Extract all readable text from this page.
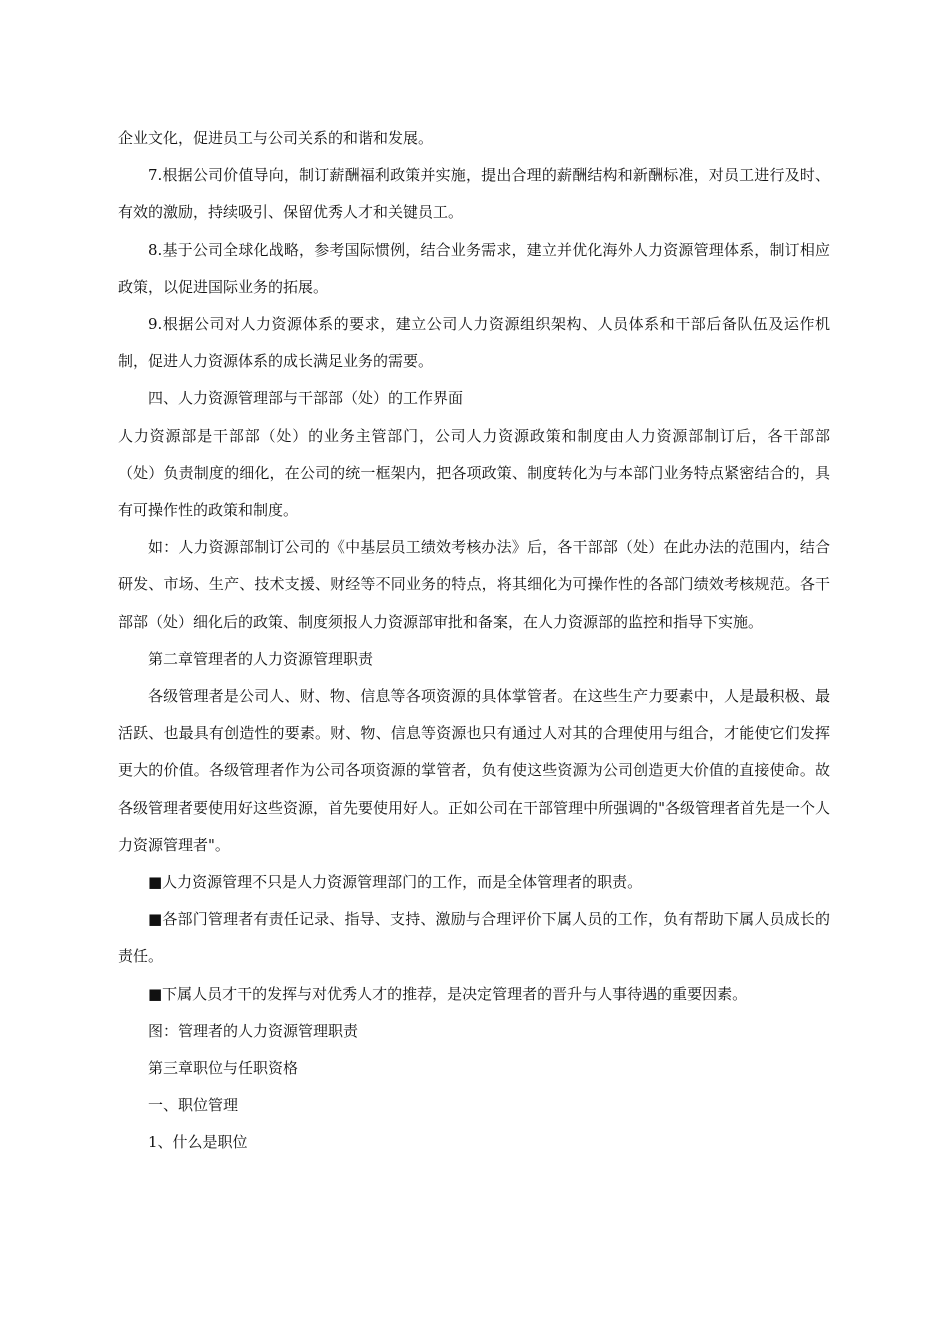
企业文化，促进员工与公司关系的和谐和发展。

7.根据公司价值导向，制订薪酬福利政策并实施，提出合理的薪酬结构和新酬标准，对员工进行及时、有效的激励，持续吸引、保留优秀人才和关键员工。

8.基于公司全球化战略，参考国际惯例，结合业务需求，建立并优化海外人力资源管理体系，制订相应政策，以促进国际业务的拓展。

9.根据公司对人力资源体系的要求，建立公司人力资源组织架构、人员体系和干部后备队伍及运作机制，促进人力资源体系的成长满足业务的需要。

四、人力资源管理部与干部部（处）的工作界面

人力资源部是干部部（处）的业务主管部门，公司人力资源政策和制度由人力资源部制订后，各干部部（处）负责制度的细化，在公司的统一框架内，把各项政策、制度转化为与本部门业务特点紧密结合的，具有可操作性的政策和制度。

如：人力资源部制订公司的《中基层员工绩效考核办法》后，各干部部（处）在此办法的范围内，结合研发、市场、生产、技术支援、财经等不同业务的特点，将其细化为可操作性的各部门绩效考核规范。各干部部（处）细化后的政策、制度须报人力资源部审批和备案，在人力资源部的监控和指导下实施。

第二章管理者的人力资源管理职责

各级管理者是公司人、财、物、信息等各项资源的具体掌管者。在这些生产力要素中，人是最积极、最活跃、也最具有创造性的要素。财、物、信息等资源也只有通过人对其的合理使用与组合，才能使它们发挥更大的价值。各级管理者作为公司各项资源的掌管者，负有使这些资源为公司创造更大价值的直接使命。故各级管理者要使用好这些资源，首先要使用好人。正如公司在干部管理中所强调的"各级管理者首先是一个人力资源管理者"。

■人力资源管理不只是人力资源管理部门的工作，而是全体管理者的职责。

■各部门管理者有责任记录、指导、支持、激励与合理评价下属人员的工作，负有帮助下属人员成长的责任。

■下属人员才干的发挥与对优秀人才的推荐，是决定管理者的晋升与人事待遇的重要因素。

图：管理者的人力资源管理职责

第三章职位与任职资格

一、职位管理

1、什么是职位
